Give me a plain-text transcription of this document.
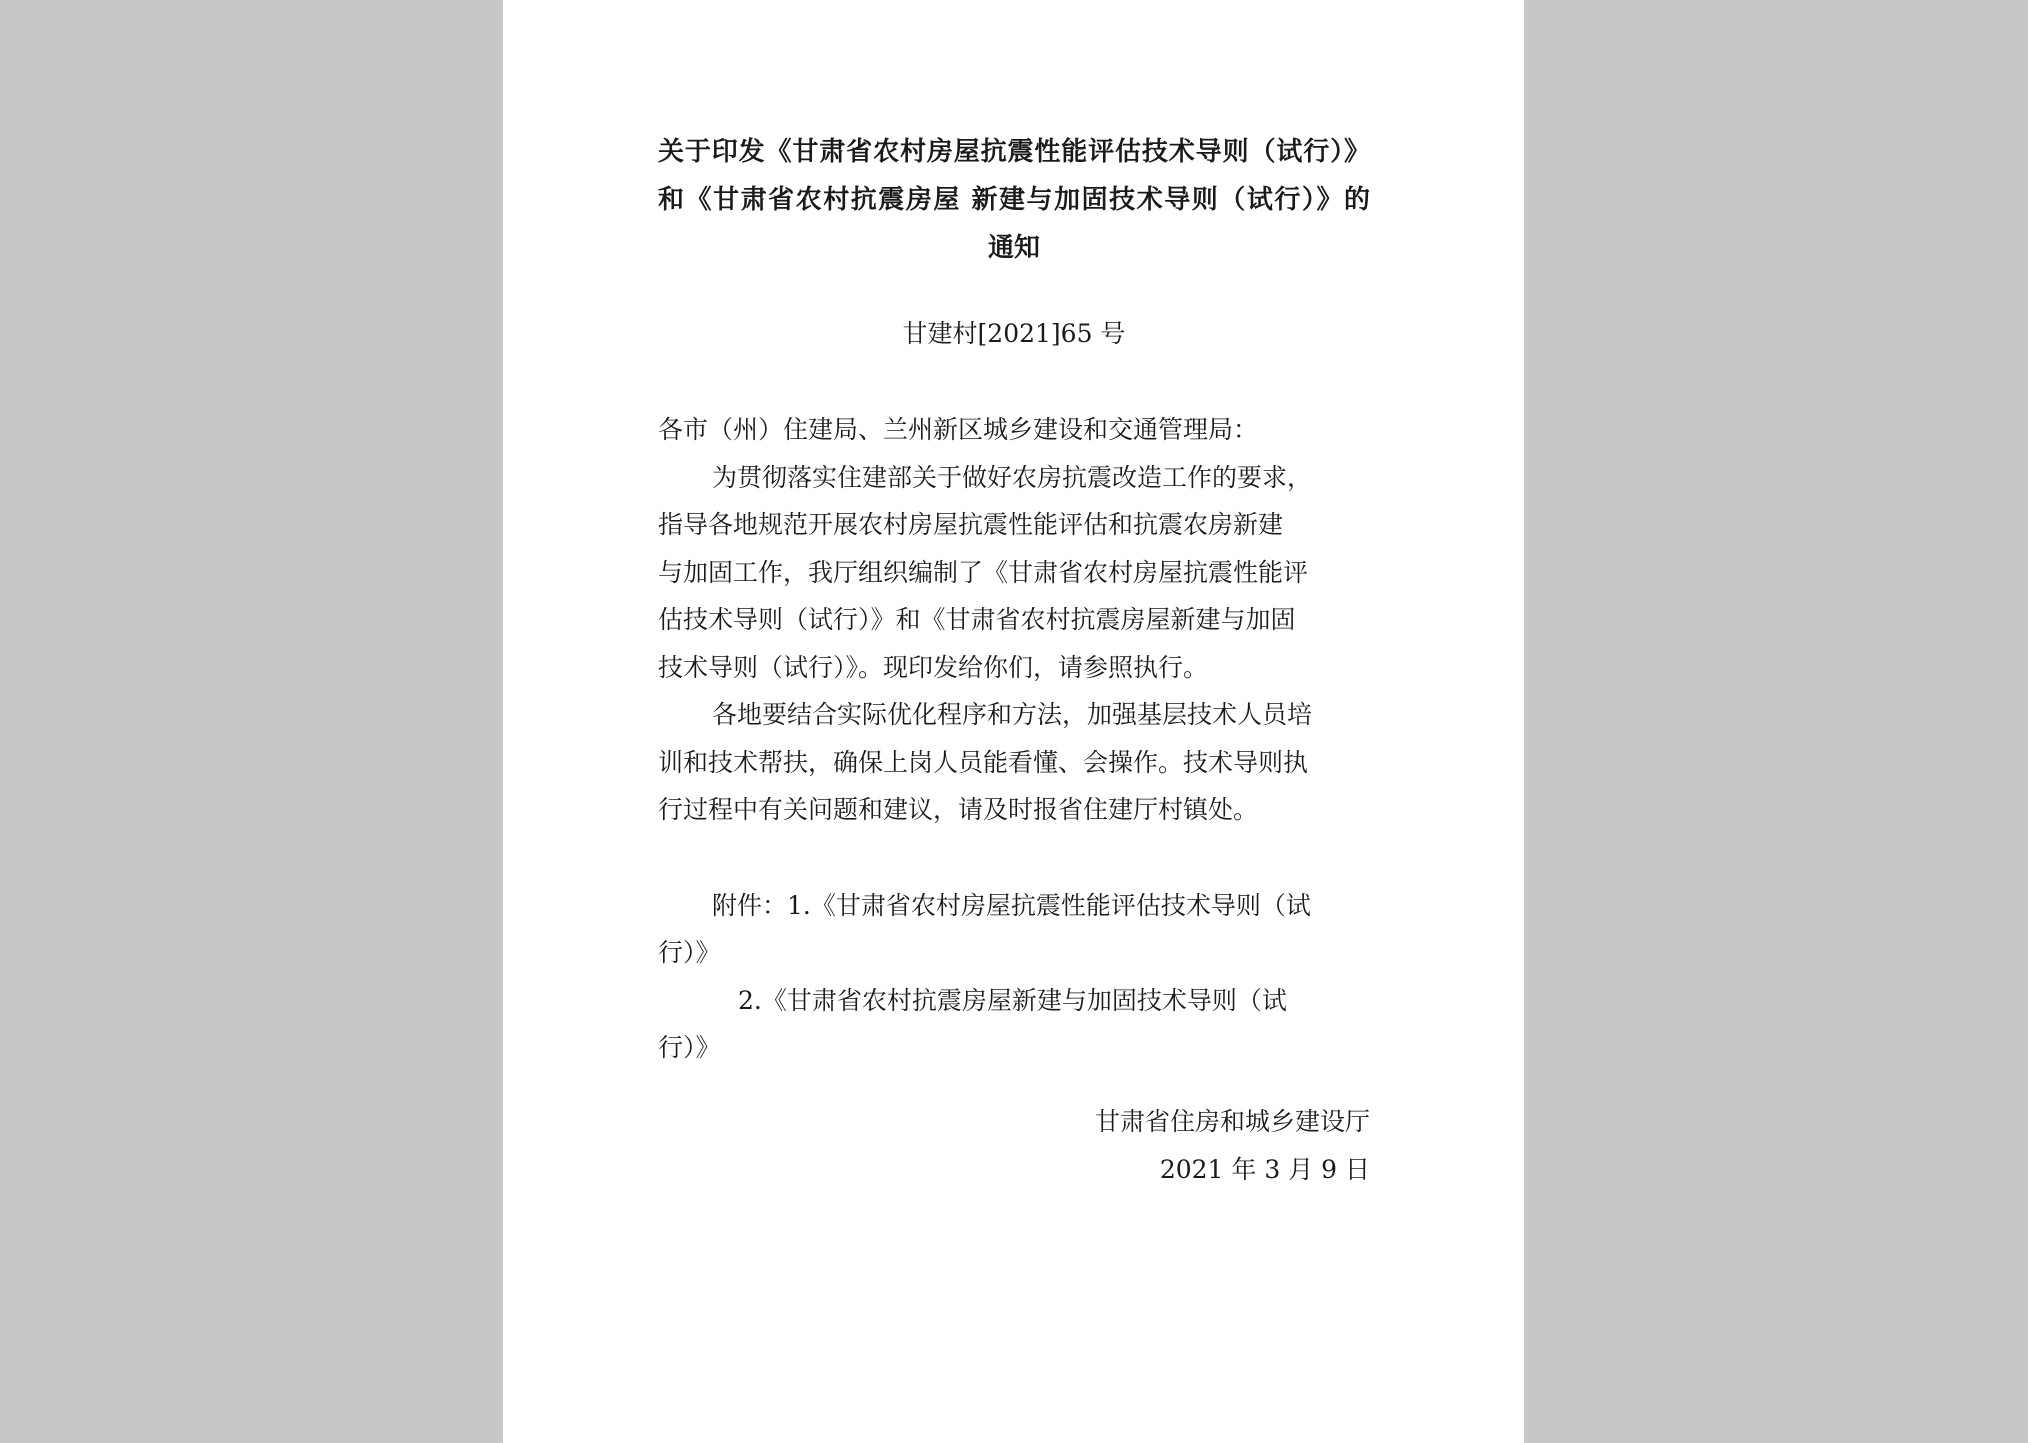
关于印发《甘肃省农村房屋抗震性能评估技术导则（试行）》
和《甘肃省农村抗震房屋 新建与加固技术导则（试行）》的
通知
甘建村[2021]65 号
各市（州）住建局、兰州新区城乡建设和交通管理局：
为贯彻落实住建部关于做好农房抗震改造工作的要求，
指导各地规范开展农村房屋抗震性能评估和抗震农房新建
与加固工作，我厅组织编制了《甘肃省农村房屋抗震性能评
估技术导则（试行）》和《甘肃省农村抗震房屋新建与加固
技术导则（试行）》。现印发给你们，请参照执行。
各地要结合实际优化程序和方法，加强基层技术人员培
训和技术帮扶，确保上岗人员能看懂、会操作。技术导则执
行过程中有关问题和建议，请及时报省住建厅村镇处。
附件：1.《甘肃省农村房屋抗震性能评估技术导则（试
行）》
2.《甘肃省农村抗震房屋新建与加固技术导则（试
行）》
甘肃省住房和城乡建设厅
2021 年 3 月 9 日
